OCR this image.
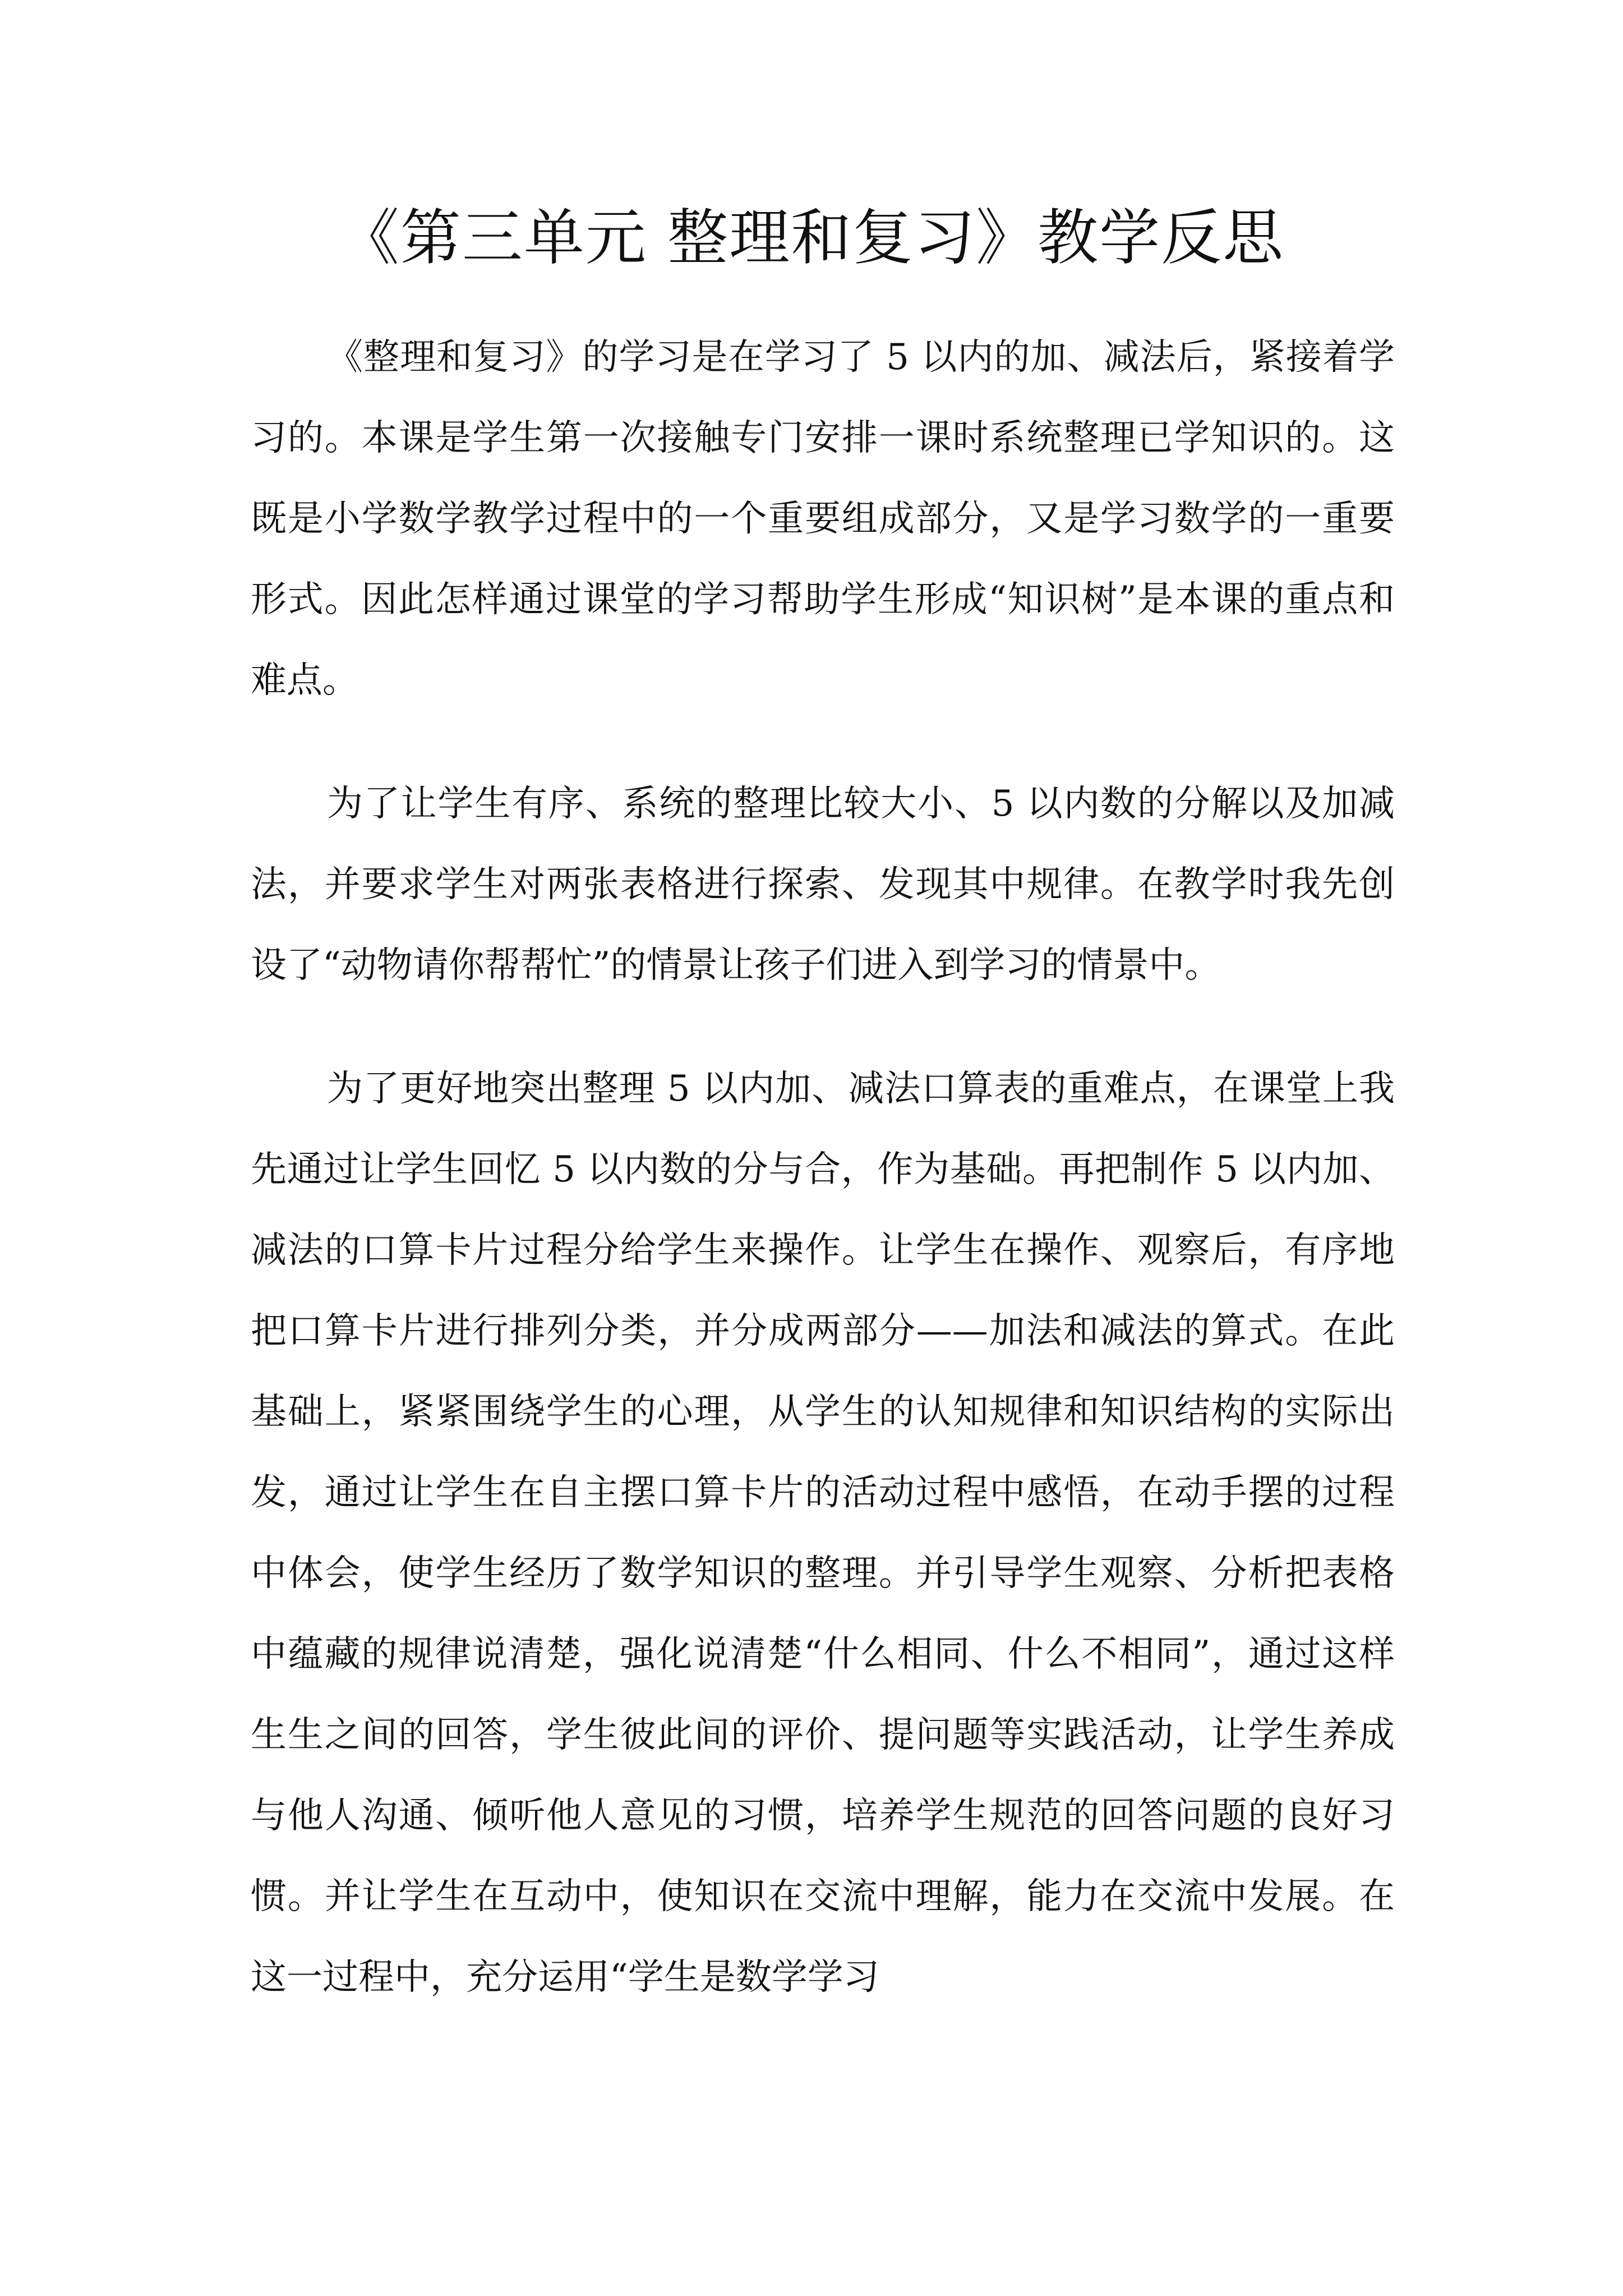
《第三单元 整理和复习》教学反思

《整理和复习》的学习是在学习了 5 以内的加、减法后，紧接着学习的。本课是学生第一次接触专门安排一课时系统整理已学知识的。这既是小学数学教学过程中的一个重要组成部分，又是学习数学的一重要形式。因此怎样通过课堂的学习帮助学生形成“知识树”是本课的重点和难点。

为了让学生有序、系统的整理比较大小、5 以内数的分解以及加减法，并要求学生对两张表格进行探索、发现其中规律。在教学时我先创设了“动物请你帮帮忙”的情景让孩子们进入到学习的情景中。

为了更好地突出整理 5 以内加、减法口算表的重难点，在课堂上我先通过让学生回忆 5 以内数的分与合，作为基础。再把制作 5 以内加、减法的口算卡片过程分给学生来操作。让学生在操作、观察后，有序地把口算卡片进行排列分类，并分成两部分——加法和减法的算式。在此基础上，紧紧围绕学生的心理，从学生的认知规律和知识结构的实际出发，通过让学生在自主摆口算卡片的活动过程中感悟，在动手摆的过程中体会，使学生经历了数学知识的整理。并引导学生观察、分析把表格中蕴藏的规律说清楚，强化说清楚“什么相同、什么不相同”，通过这样生生之间的回答，学生彼此间的评价、提问题等实践活动，让学生养成与他人沟通、倾听他人意见的习惯，培养学生规范的回答问题的良好习惯。并让学生在互动中，使知识在交流中理解，能力在交流中发展。在这一过程中，充分运用“学生是数学学习
